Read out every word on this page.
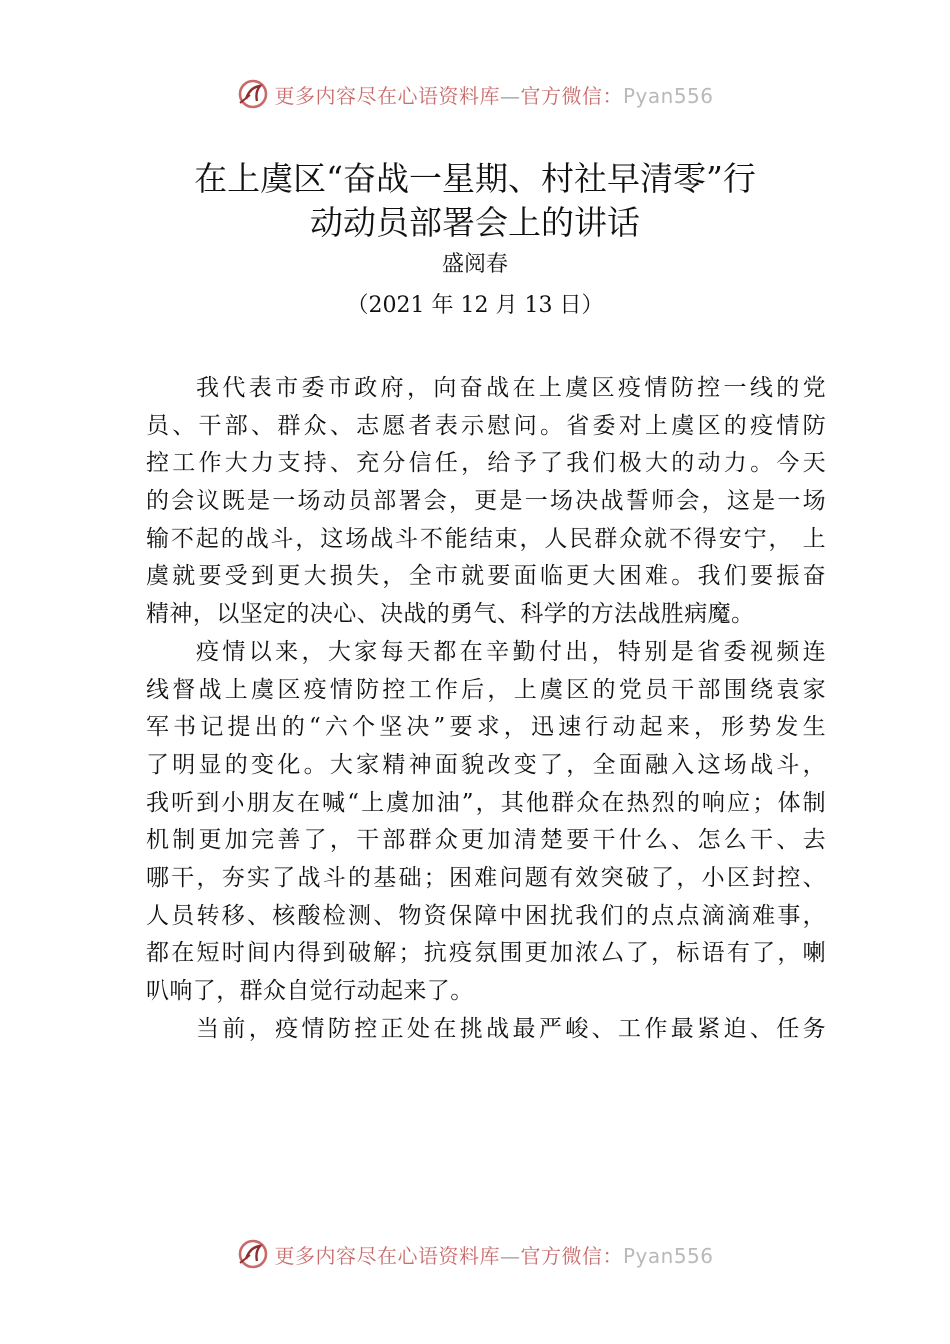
更多内容尽在心语资料库—官方微信：Pyan556
在上虞区“奋战一星期、村社早清零”行
动动员部署会上的讲话
盛阅春
（2021 年 12 月 13 日）
我代表市委市政府，向奋战在上虞区疫情防控一线的党
员、干部、群众、志愿者表示慰问。省委对上虞区的疫情防
控工作大力支持、充分信任，给予了我们极大的动力。今天
的会议既是一场动员部署会，更是一场决战誓师会，这是一场
输不起的战斗，这场战斗不能结束，人民群众就不得安宁， 上
虞就要受到更大损失，全市就要面临更大困难。我们要振奋
精神，以坚定的决心、决战的勇气、科学的方法战胜病魔。
疫情以来，大家每天都在辛勤付出，特别是省委视频连
线督战上虞区疫情防控工作后，上虞区的党员干部围绕袁家
军书记提出的“六个坚决”要求，迅速行动起来，形势发生
了明显的变化。大家精神面貌改变了，全面融入这场战斗，
我听到小朋友在喊“上虞加油”，其他群众在热烈的响应；体制
机制更加完善了，干部群众更加清楚要干什么、怎么干、去
哪干，夯实了战斗的基础；困难问题有效突破了，小区封控、
人员转移、核酸检测、物资保障中困扰我们的点点滴滴难事，
都在短时间内得到破解；抗疫氛围更加浓厶了，标语有了，喇
叭响了，群众自觉行动起来了。
当前，疫情防控正处在挑战最严峻、工作最紧迫、任务
更多内容尽在心语资料库—官方微信：Pyan556
